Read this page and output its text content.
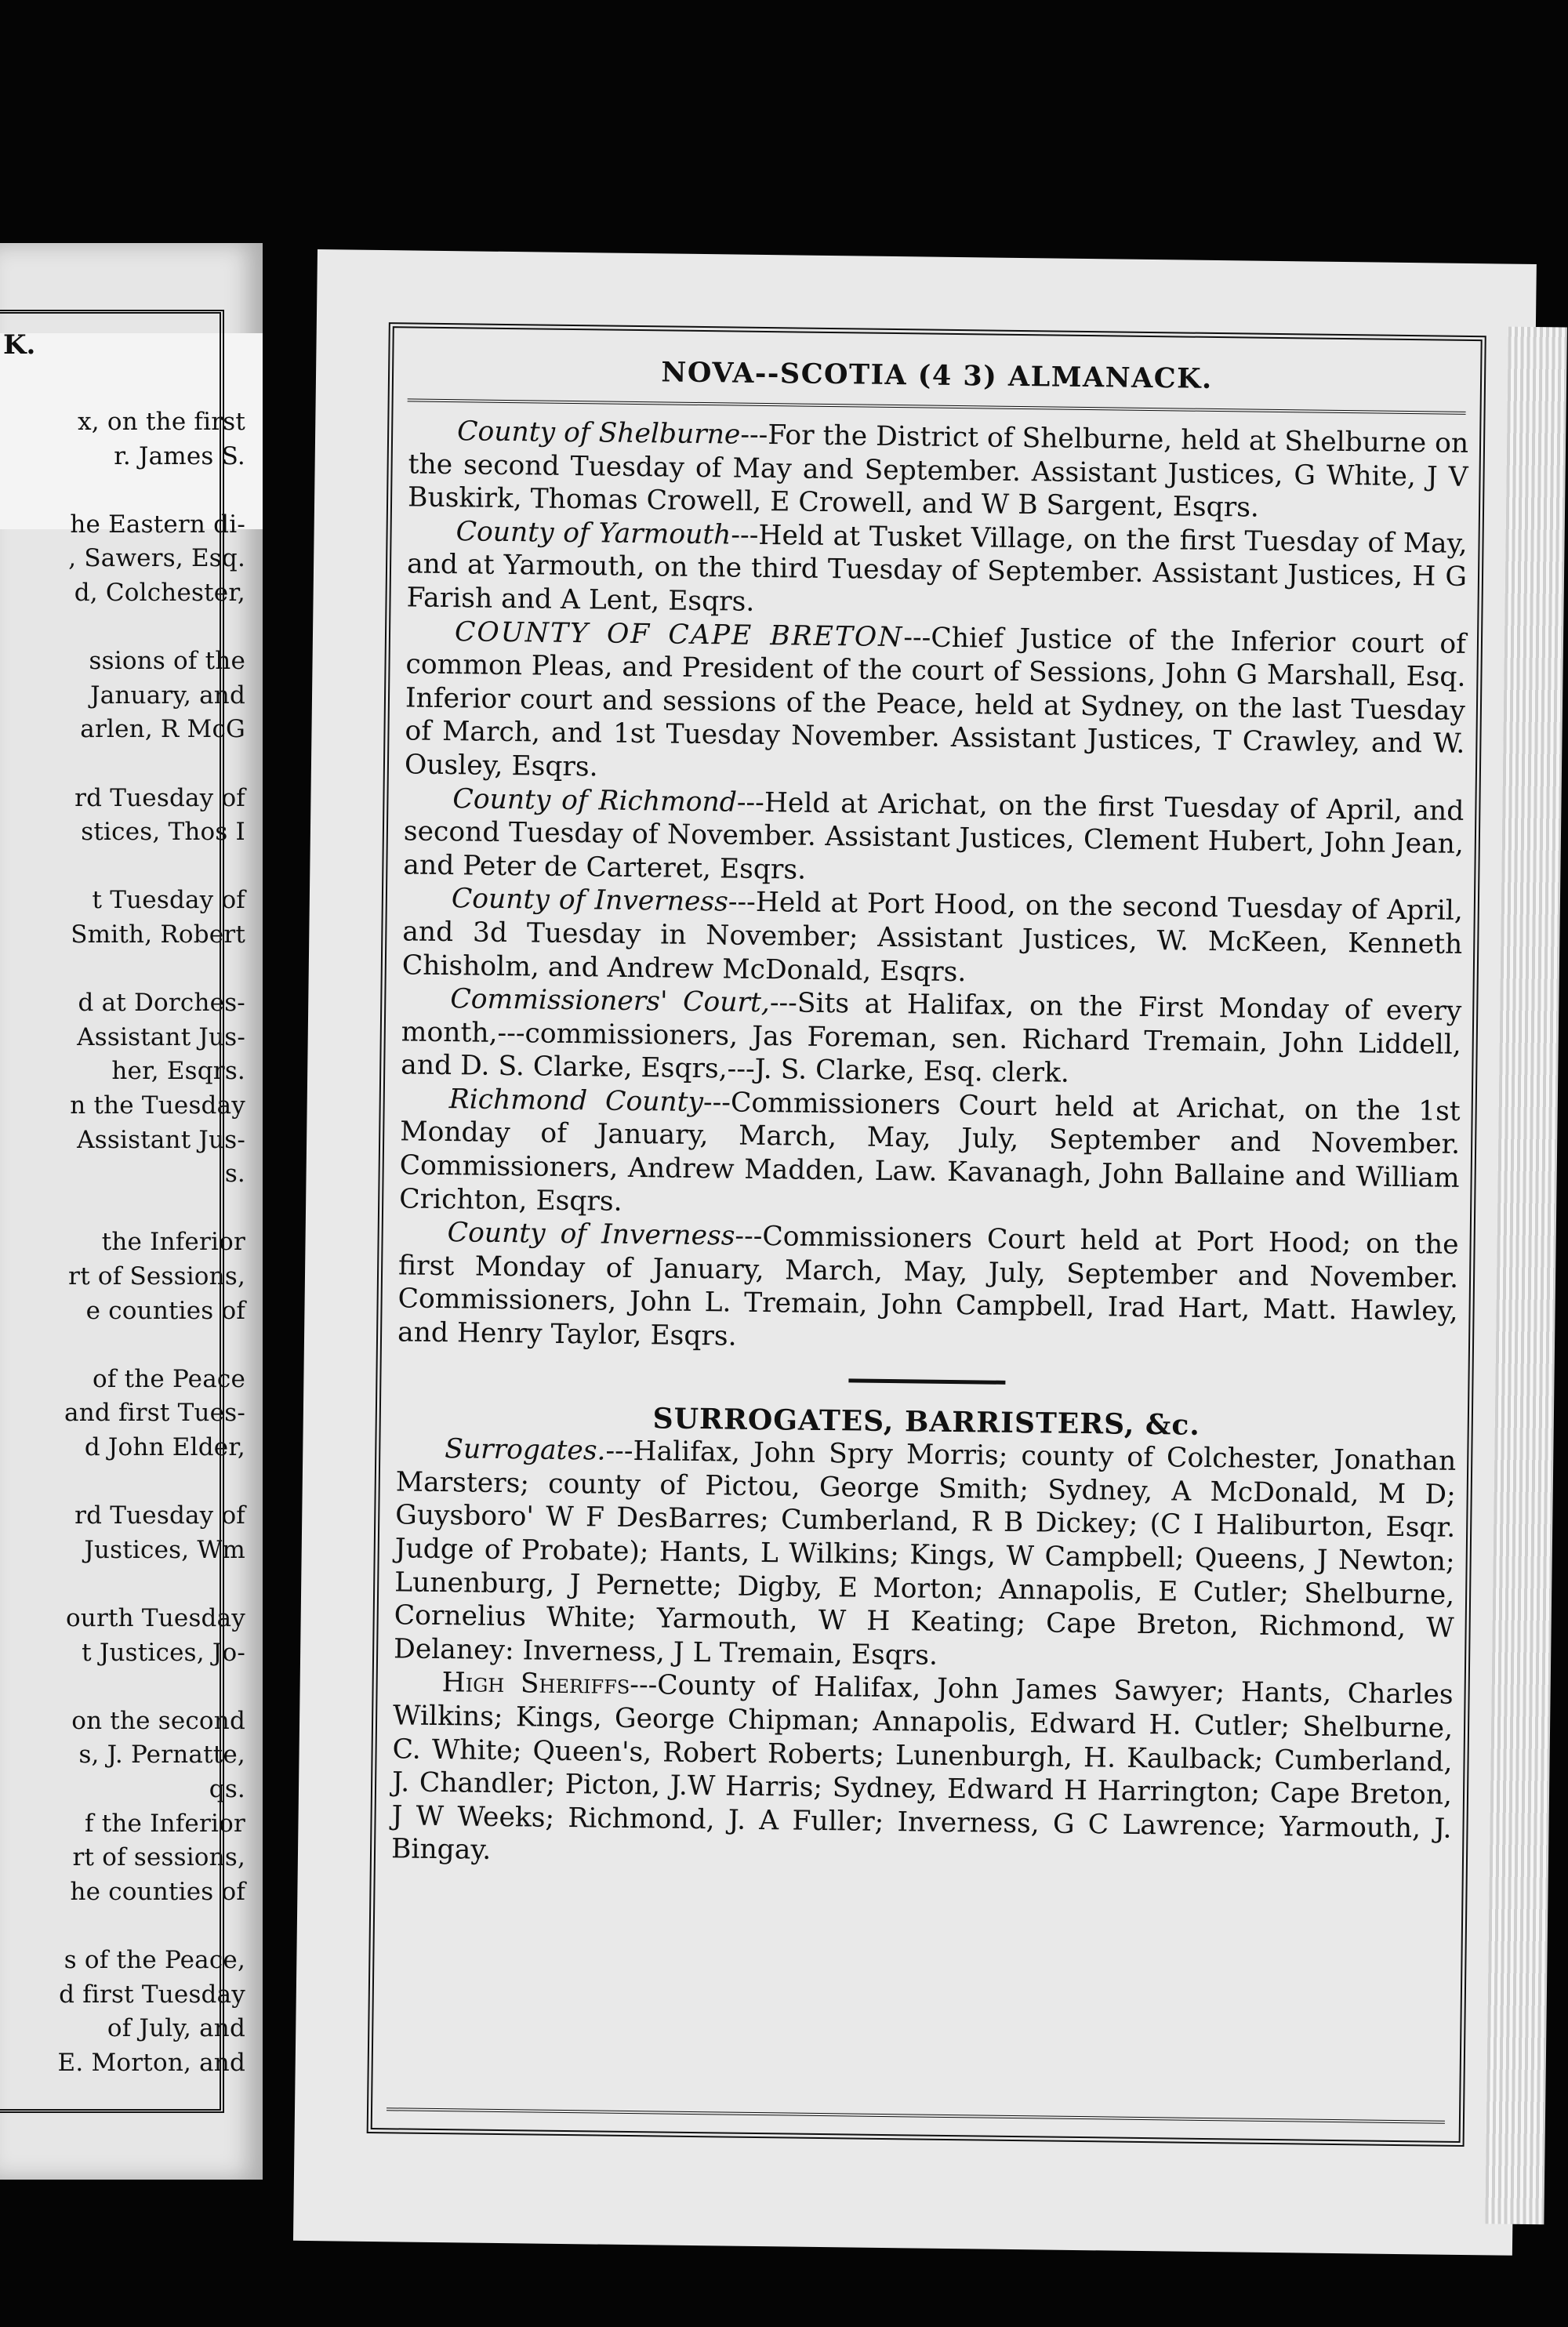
K.
x, on the first
r. James S.
he Eastern di-
, Sawers, Esq.
d, Colchester,
ssions of the
January, and
arlen, R McG
rd Tuesday of
stices, Thos I
t Tuesday of
Smith, Robert
d at Dorches-
Assistant Jus-
her, Esqrs.
n the Tuesday
Assistant Jus-
s.
the Inferior
rt of Sessions,
e counties of
of the Peace
and first Tues-
d John Elder,
rd Tuesday of
Justices, Wm
ourth Tuesday
t Justices, Jo-
on the second
s, J. Pernatte,
qs.
f the Inferior
rt of sessions,
he counties of
s of the Peace,
d first Tuesday
of July, and
E. Morton, and
NOVA--SCOTIA (4 3) ALMANACK.

County of Shelburne---For the District of Shelburne, held at Shelburne on the second Tuesday of May and September. Assistant Justices, G White, J V Buskirk, Thomas Crowell, E Crowell, and W B Sargent, Esqrs.

County of Yarmouth---Held at Tusket Village, on the first Tuesday of May, and at Yarmouth, on the third Tuesday of September. Assistant Justices, H G Farish and A Lent, Esqrs.

COUNTY OF CAPE BRETON---Chief Justice of the Inferior court of common Pleas, and President of the court of Sessions, John G Marshall, Esq. Inferior court and sessions of the Peace, held at Sydney, on the last Tuesday of March, and 1st Tuesday November. Assistant Justices, T Crawley, and W. Ousley, Esqrs.

County of Richmond---Held at Arichat, on the first Tuesday of April, and second Tuesday of November. Assistant Justices, Clement Hubert, John Jean, and Peter de Carteret, Esqrs.

County of Inverness---Held at Port Hood, on the second Tuesday of April, and 3d Tuesday in November; Assistant Justices, W. McKeen, Kenneth Chisholm, and Andrew McDonald, Esqrs.

Commissioners' Court,---Sits at Halifax, on the First Monday of every month,---commissioners, Jas Foreman, sen. Richard Tremain, John Liddell, and D. S. Clarke, Esqrs,---J. S. Clarke, Esq. clerk.

Richmond County---Commissioners Court held at Arichat, on the 1st Monday of January, March, May, July, September and November. Commissioners, Andrew Madden, Law. Kavanagh, John Ballaine and William Crichton, Esqrs.

County of Inverness---Commissioners Court held at Port Hood; on the first Monday of January, March, May, July, September and November. Commissioners, John L. Tremain, John Campbell, Irad Hart, Matt. Hawley, and Henry Taylor, Esqrs.

SURROGATES, BARRISTERS, &c.

Surrogates.---Halifax, John Spry Morris; county of Colchester, Jonathan Marsters; county of Pictou, George Smith; Sydney, A McDonald, M D; Guysboro' W F DesBarres; Cumberland, R B Dickey; (C I Haliburton, Esqr. Judge of Probate); Hants, L Wilkins; Kings, W Campbell; Queens, J Newton; Lunenburg, J Pernette; Digby, E Morton; Annapolis, E Cutler; Shelburne, Cornelius White; Yarmouth, W H Keating; Cape Breton, Richmond, W Delaney: Inverness, J L Tremain, Esqrs.

High Sheriffs---County of Halifax, John James Sawyer; Hants, Charles Wilkins; Kings, George Chipman; Annapolis, Edward H. Cutler; Shelburne, C. White; Queen's, Robert Roberts; Lunenburgh, H. Kaulback; Cumberland, J. Chandler; Picton, J.W Harris; Sydney, Edward H Harrington; Cape Breton, J W Weeks; Richmond, J. A Fuller; Inverness, G C Lawrence; Yarmouth, J. Bingay.
